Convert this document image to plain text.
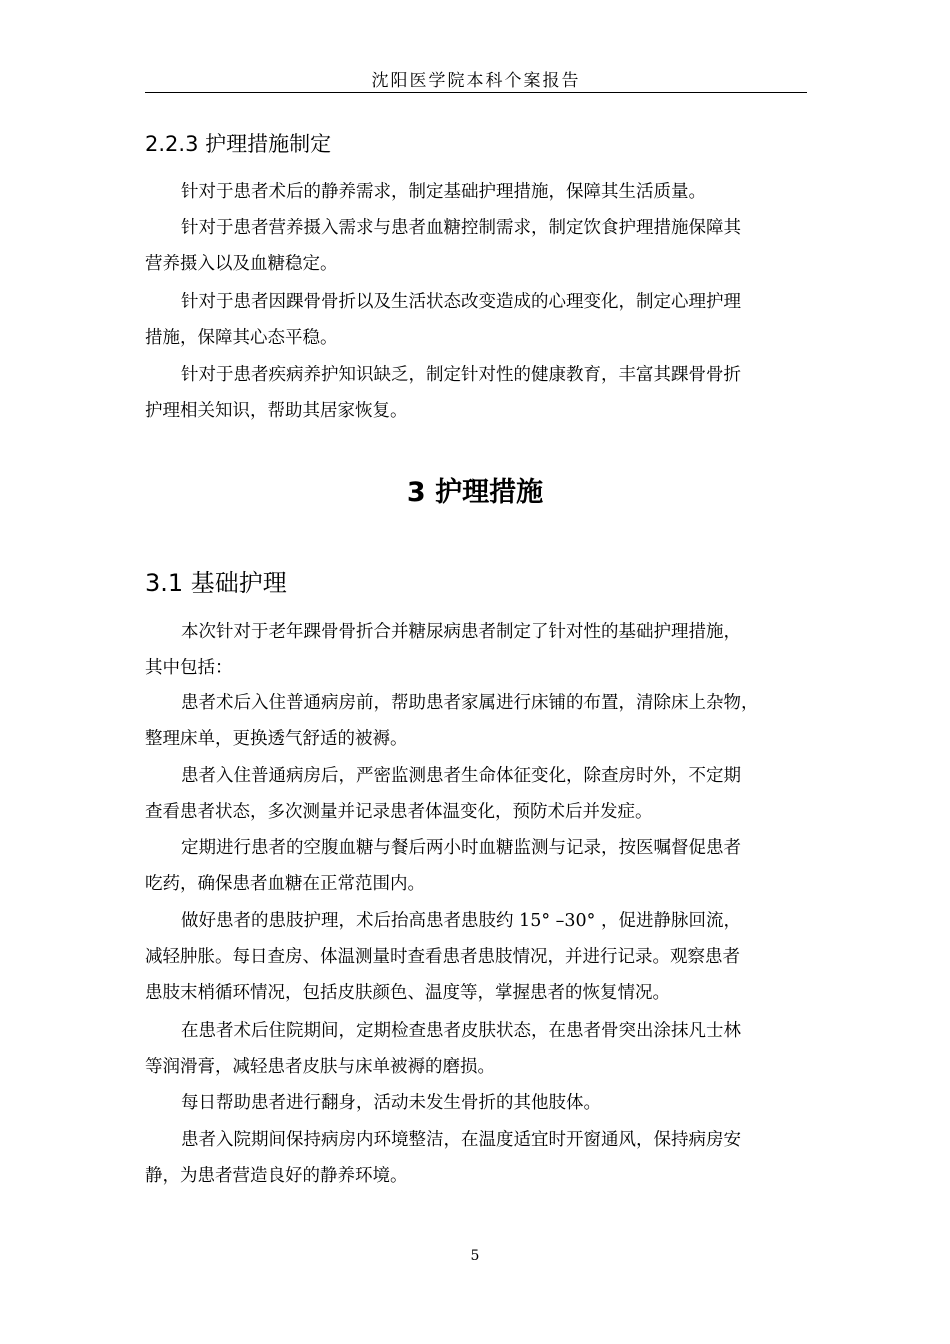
沈阳医学院本科个案报告
2.2.3 护理措施制定
针对于患者术后的静养需求，制定基础护理措施，保障其生活质量。
针对于患者营养摄入需求与患者血糖控制需求，制定饮食护理措施保障其
营养摄入以及血糖稳定。
针对于患者因踝骨骨折以及生活状态改变造成的心理变化，制定心理护理
措施，保障其心态平稳。
针对于患者疾病养护知识缺乏，制定针对性的健康教育，丰富其踝骨骨折
护理相关知识，帮助其居家恢复。
3 护理措施
3.1 基础护理
本次针对于老年踝骨骨折合并糖尿病患者制定了针对性的基础护理措施，
其中包括：
患者术后入住普通病房前，帮助患者家属进行床铺的布置，清除床上杂物，
整理床单，更换透气舒适的被褥。
患者入住普通病房后，严密监测患者生命体征变化，除查房时外，不定期
查看患者状态，多次测量并记录患者体温变化，预防术后并发症。
定期进行患者的空腹血糖与餐后两小时血糖监测与记录，按医嘱督促患者
吃药，确保患者血糖在正常范围内。
做好患者的患肢护理，术后抬高患者患肢约 15° –30° ，促进静脉回流，
减轻肿胀。每日查房、体温测量时查看患者患肢情况，并进行记录。观察患者
患肢末梢循环情况，包括皮肤颜色、温度等，掌握患者的恢复情况。
在患者术后住院期间，定期检查患者皮肤状态，在患者骨突出涂抹凡士林
等润滑膏，减轻患者皮肤与床单被褥的磨损。
每日帮助患者进行翻身，活动未发生骨折的其他肢体。
患者入院期间保持病房内环境整洁，在温度适宜时开窗通风，保持病房安
静，为患者营造良好的静养环境。
5
